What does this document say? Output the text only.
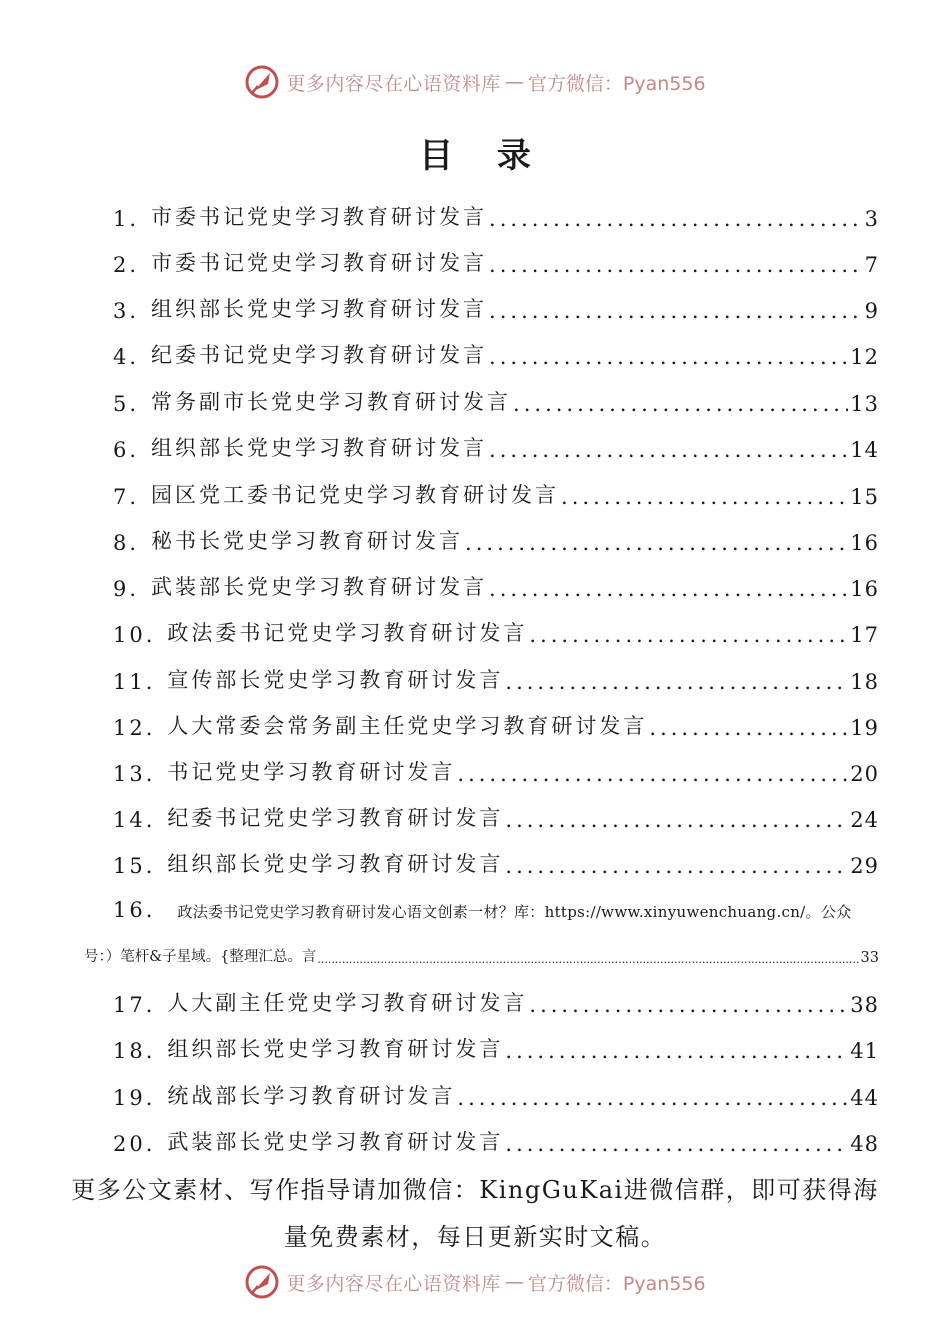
更多内容尽在心语资料库 — 官方微信：Pyan556
目 录
1. 市委书记党史学习教育研讨发言 .....	3
2. 市委书记党史学习教育研讨发言 .....	7
3. 组织部长党史学习教育研讨发言 .....	9
4. 纪委书记党史学习教育研讨发言 .....	12
5. 常务副市长党史学习教育研讨发言 .....	13
6. 组织部长党史学习教育研讨发言 .....	14
7. 园区党工委书记党史学习教育研讨发言 .....	15
8. 秘书长党史学习教育研讨发言 .....	16
9. 武装部长党史学习教育研讨发言 .....	16
10. 政法委书记党史学习教育研讨发言 .....	17
11. 宣传部长党史学习教育研讨发言 .....	18
12. 人大常委会常务副主任党史学习教育研讨发言 .....	19
13. 书记党史学习教育研讨发言 .....	20
14. 纪委书记党史学习教育研讨发言 .....	24
15. 组织部长党史学习教育研讨发言 .....	29
16. 政法委书记党史学习教育研讨发心语文创素一材？库：https://www.xinyuwenchuang.cn/。公众
号：）笔杆&子星域。{整理汇总。言 .....	33
17. 人大副主任党史学习教育研讨发言 .....	38
18. 组织部长党史学习教育研讨发言 .....	41
19. 统战部长学习教育研讨发言 .....	44
20. 武装部长党史学习教育研讨发言 .....	48
更多公文素材、写作指导请加微信：KingGuKai进微信群，即可获得海
量免费素材，每日更新实时文稿。
更多内容尽在心语资料库 — 官方微信：Pyan556
